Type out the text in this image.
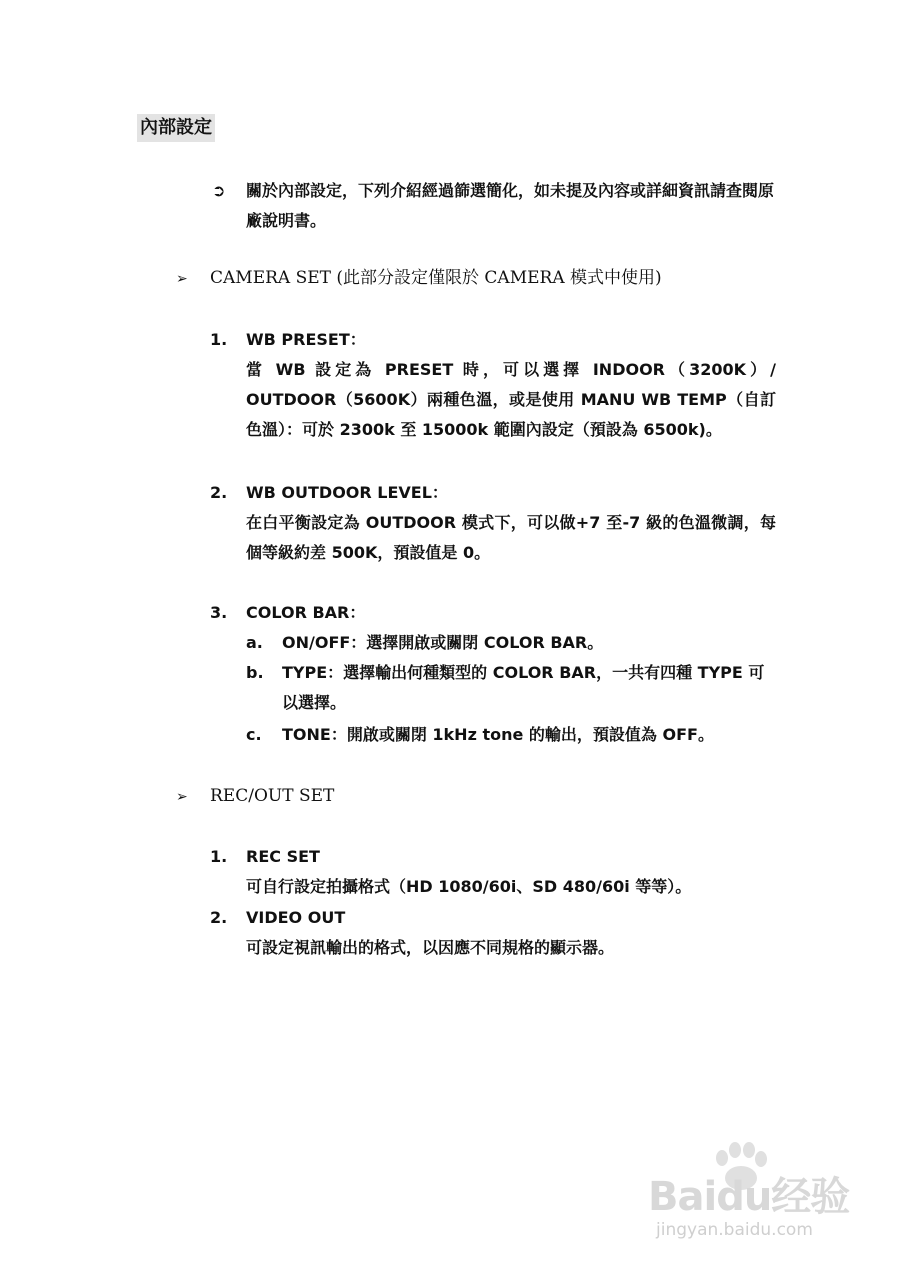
內部設定
➲ 關於內部設定，下列介紹經過篩選簡化，如未提及內容或詳細資訊請查閱原廠說明書。
➢ CAMERA SET (此部分設定僅限於 CAMERA 模式中使用)
1. WB PRESET：
當 WB 設定為 PRESET 時，可以選擇 INDOOR（3200K）/ OUTDOOR（5600K）兩種色溫，或是使用 MANU WB TEMP（自訂色溫）：可於 2300k 至 15000k 範圍內設定（預設為 6500k)。
2. WB OUTDOOR LEVEL：
在白平衡設定為 OUTDOOR 模式下，可以做+7 至-7 級的色溫微調，每個等級約差 500K，預設值是 0。
3. COLOR BAR：
a. ON/OFF：選擇開啟或關閉 COLOR BAR。
b. TYPE：選擇輸出何種類型的 COLOR BAR，一共有四種 TYPE 可以選擇。
c. TONE：開啟或關閉 1kHz tone 的輸出，預設值為 OFF。
➢ REC/OUT SET
1. REC SET
可自行設定拍攝格式（HD 1080/60i、SD 480/60i 等等）。
2. VIDEO OUT
可設定視訊輸出的格式，以因應不同規格的顯示器。
Baidu经验
jingyan.baidu.com
